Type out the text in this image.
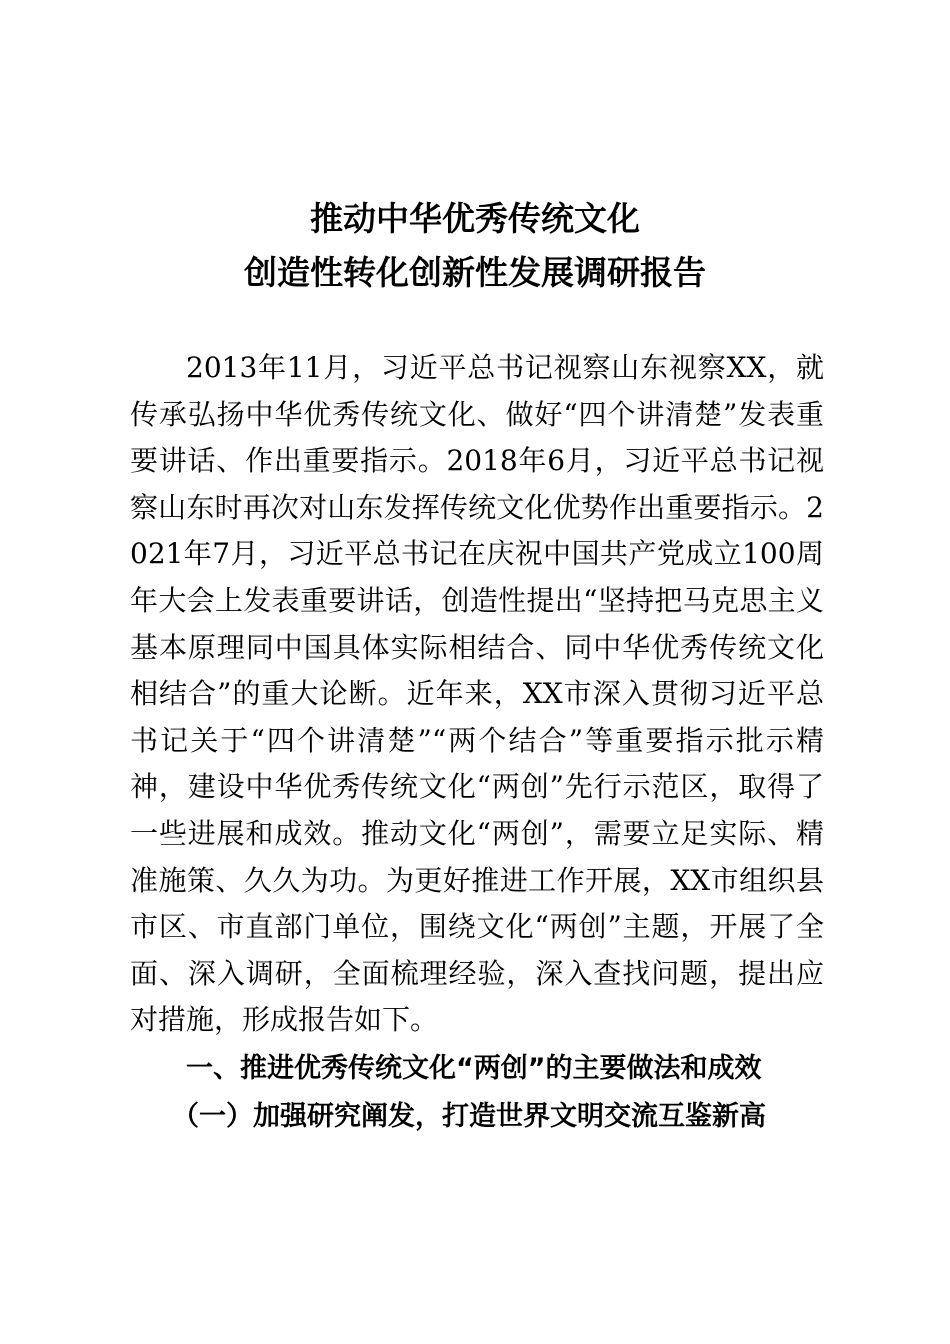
推动中华优秀传统文化
创造性转化创新性发展调研报告

2013年11月，习近平总书记视察山东视察XX，就传承弘扬中华优秀传统文化、做好“四个讲清楚”发表重要讲话、作出重要指示。2018年6月，习近平总书记视察山东时再次对山东发挥传统文化优势作出重要指示。2021年7月，习近平总书记在庆祝中国共产党成立100周年大会上发表重要讲话，创造性提出“坚持把马克思主义基本原理同中国具体实际相结合、同中华优秀传统文化相结合”的重大论断。近年来，XX市深入贯彻习近平总书记关于“四个讲清楚”“两个结合”等重要指示批示精神，建设中华优秀传统文化“两创”先行示范区，取得了一些进展和成效。推动文化“两创”，需要立足实际、精准施策、久久为功。为更好推进工作开展，XX市组织县市区、市直部门单位，围绕文化“两创”主题，开展了全面、深入调研，全面梳理经验，深入查找问题，提出应对措施，形成报告如下。

一、推进优秀传统文化“两创”的主要做法和成效

（一）加强研究阐发，打造世界文明交流互鉴新高
